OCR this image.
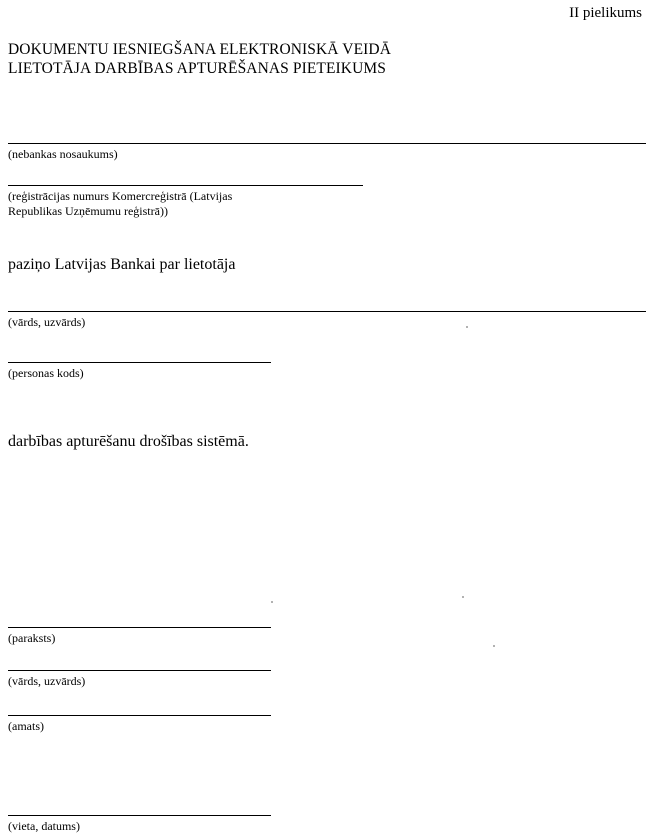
II pielikums
DOKUMENTU IESNIEGŠANA ELEKTRONISKĀ VEIDĀ
LIETOTĀJA DARBĪBAS APTURĒŠANAS PIETEIKUMS
(nebankas nosaukums)
(reģistrācijas numurs Komercreģistrā (Latvijas
Republikas Uzņēmumu reģistrā))
paziņo Latvijas Bankai par lietotāja
(vārds, uzvārds)
(personas kods)
darbības apturēšanu drošības sistēmā.
(paraksts)
(vārds, uzvārds)
(amats)
(vieta, datums)
